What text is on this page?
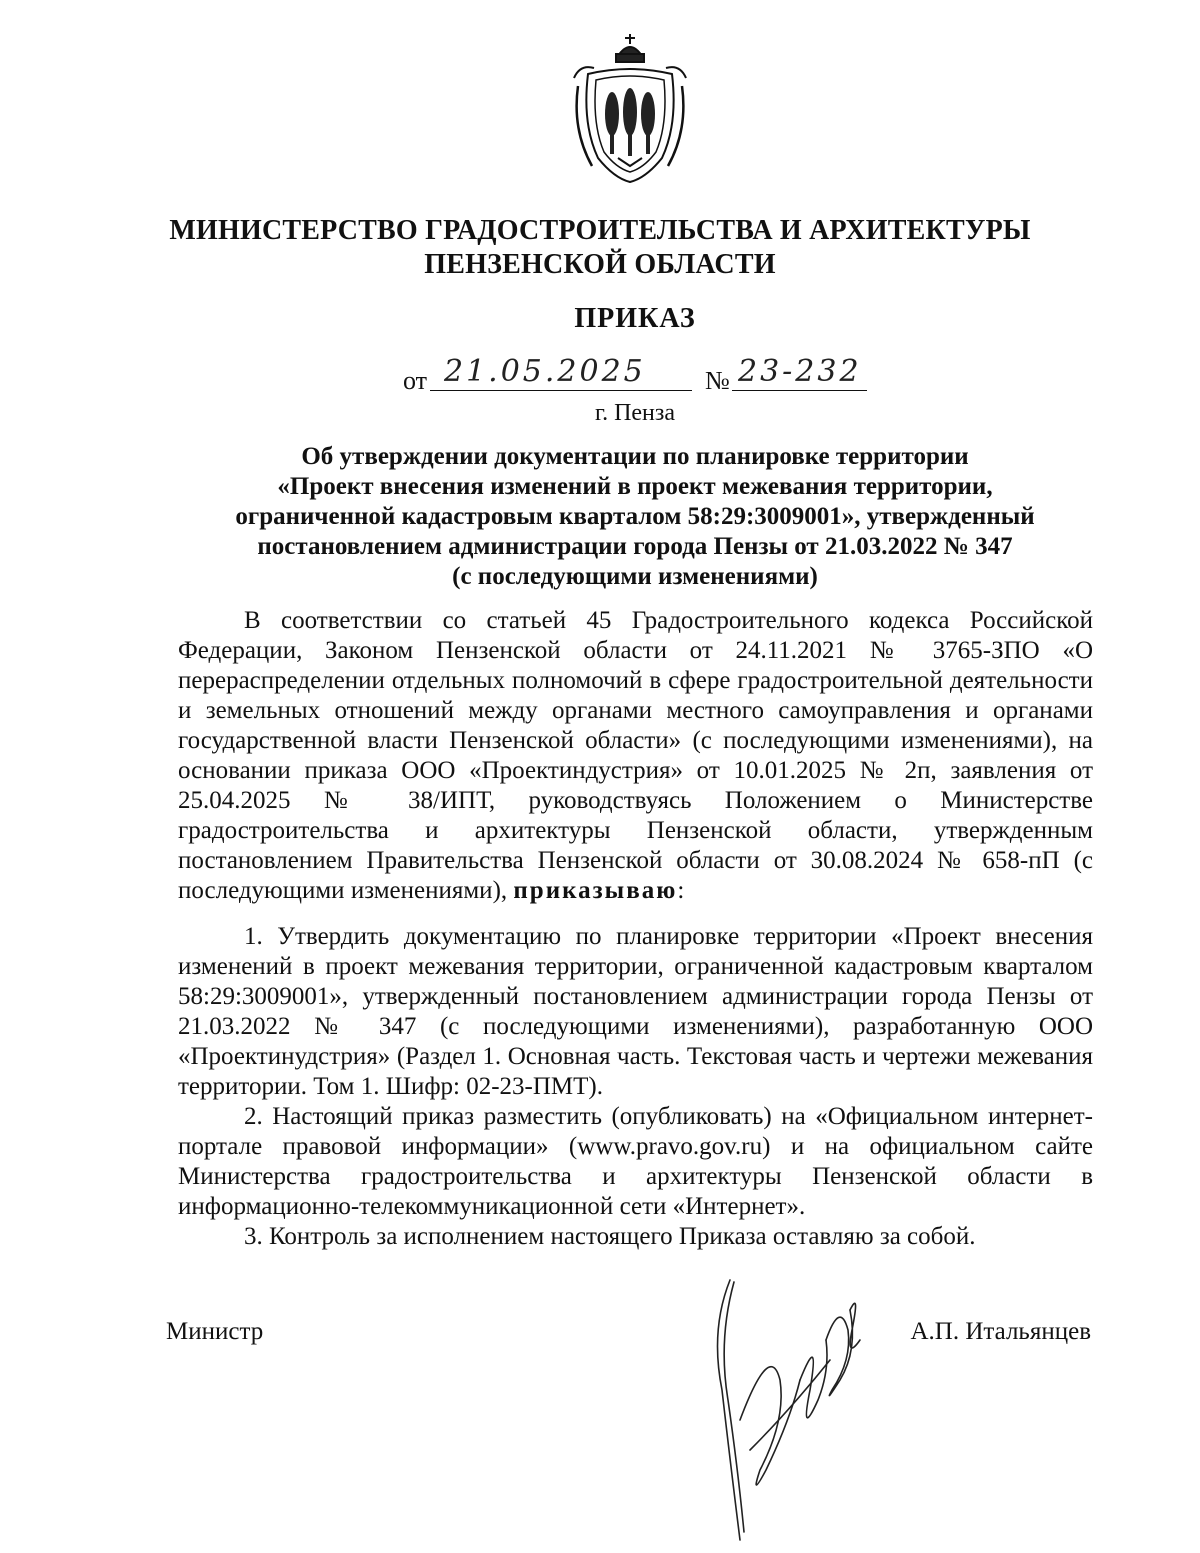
МИНИСТЕРСТВО ГРАДОСТРОИТЕЛЬСТВА И АРХИТЕКТУРЫ
ПЕНЗЕНСКОЙ ОБЛАСТИ
ПРИКАЗ
от 21.05.2025 № 23-232
г. Пенза
Об утверждении документации по планировке территории
«Проект внесения изменений в проект межевания территории,
ограниченной кадастровым кварталом 58:29:3009001», утвержденный
постановлением администрации города Пензы от 21.03.2022 № 347
(с последующими изменениями)
В соответствии со статьей 45 Градостроительного кодекса Российской Федерации, Законом Пензенской области от 24.11.2021 № 3765-ЗПО «О перераспределении отдельных полномочий в сфере градостроительной деятельности и земельных отношений между органами местного самоуправления и органами государственной власти Пензенской области» (с последующими изменениями), на основании приказа ООО «Проектиндустрия» от 10.01.2025 № 2п, заявления от 25.04.2025 № 38/ИПТ, руководствуясь Положением о Министерстве градостроительства и архитектуры Пензенской области, утвержденным постановлением Правительства Пензенской области от 30.08.2024 № 658-пП (с последующими изменениями), приказываю:

1. Утвердить документацию по планировке территории «Проект внесения изменений в проект межевания территории, ограниченной кадастровым кварталом 58:29:3009001», утвержденный постановлением администрации города Пензы от 21.03.2022 № 347 (с последующими изменениями), разработанную ООО «Проектинудстрия» (Раздел 1. Основная часть. Текстовая часть и чертежи межевания территории. Том 1. Шифр: 02-23-ПМТ).

2. Настоящий приказ разместить (опубликовать) на «Официальном интернет-портале правовой информации» (www.pravo.gov.ru) и на официальном сайте Министерства градостроительства и архитектуры Пензенской области в информационно-телекоммуникационной сети «Интернет».

3. Контроль за исполнением настоящего Приказа оставляю за собой.

Министр	А.П. Итальянцев
